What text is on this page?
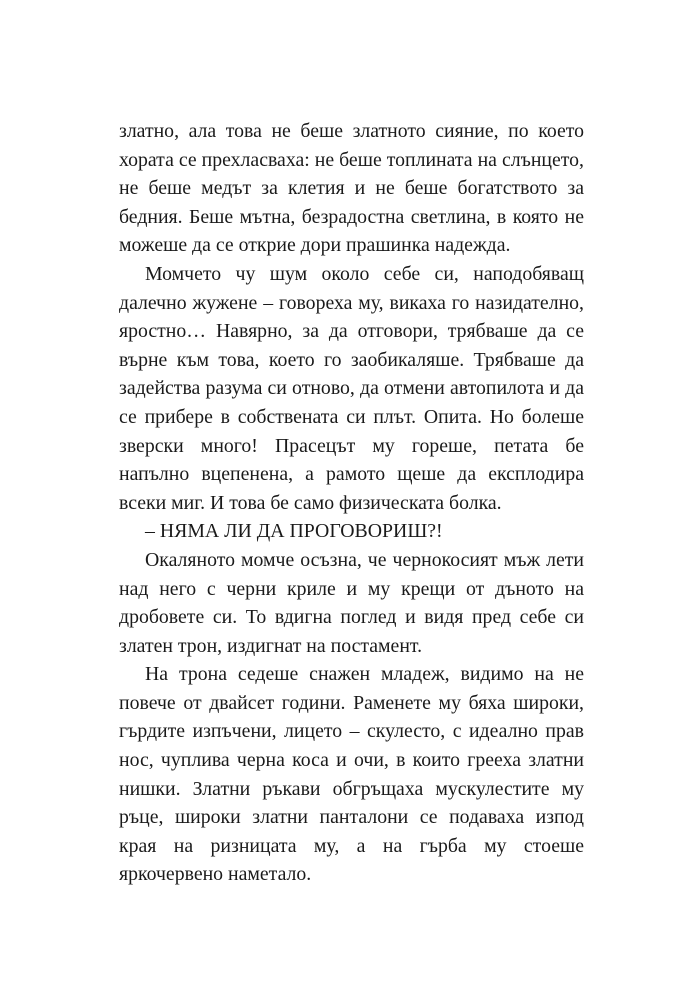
златно, ала това не беше златното сияние, по което хората се прехласваха: не беше топлината на слънцето, не беше медът за клетия и не беше богатството за бедния. Беше мътна, безрадостна светлина, в която не можеше да се открие дори прашинка надежда.

Момчето чу шум около себе си, наподобяващ далечно жужене – говореха му, викаха го назидателно, яростно… Навярно, за да отговори, трябваше да се върне към това, което го заобикаляше. Трябваше да задейства разума си отново, да отмени автопилота и да се прибере в собствената си плът. Опита. Но болеше зверски много! Прасецът му гореше, петата бе напълно вцепенена, а рамото щеше да експлодира всеки миг. И това бе само физическата болка.

– НЯМА ЛИ ДА ПРОГОВОРИШ?!

Окаляното момче осъзна, че чернокосият мъж лети над него с черни криле и му крещи от дъното на дробовете си. То вдигна поглед и видя пред себе си златен трон, издигнат на постамент.

На трона седеше снажен младеж, видимо на не повече от двайсет години. Раменете му бяха широки, гърдите изпъчени, лицето – скулесто, с идеално прав нос, чуплива черна коса и очи, в които грееха златни нишки. Златни ръкави обгръщаха мускулестите му ръце, широки златни панталони се подаваха изпод края на ризницата му, а на гърба му стоеше яркочервено наметало.
